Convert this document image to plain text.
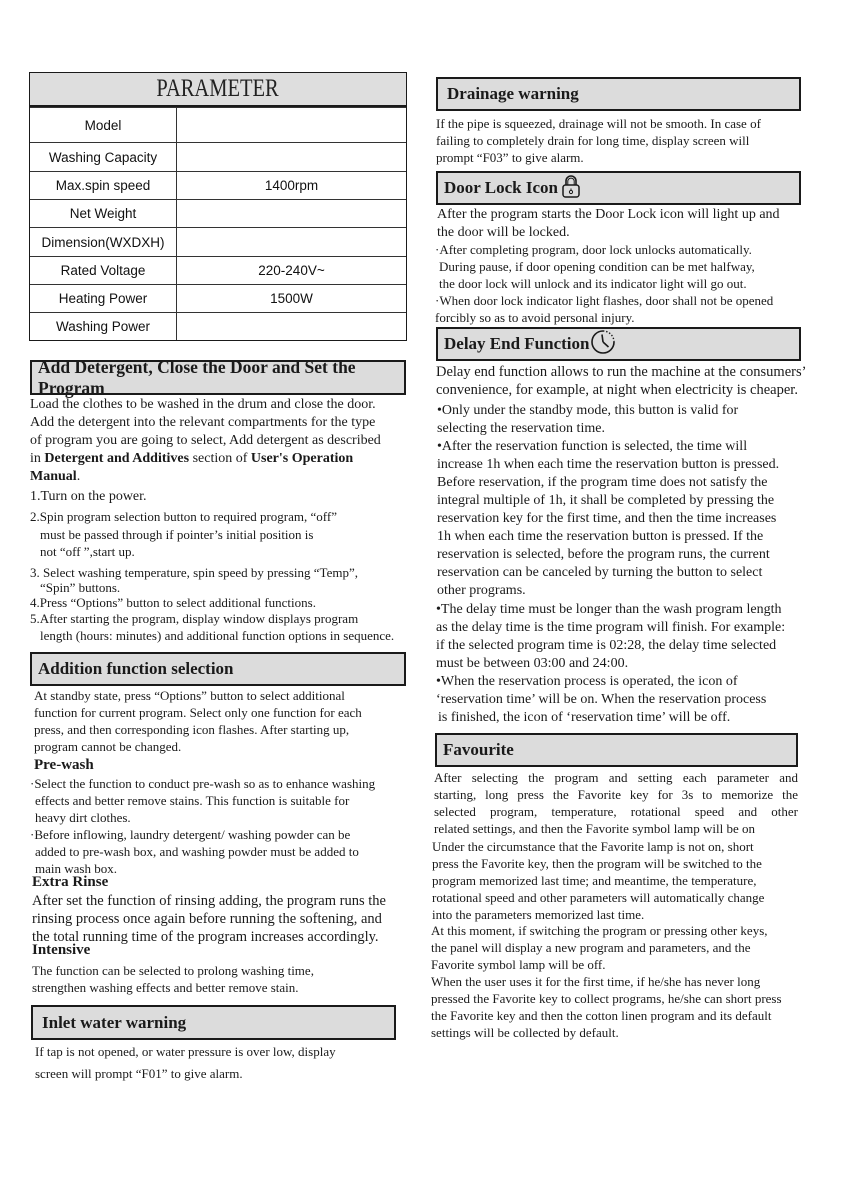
PARAMETER
Model
Washing Capacity
Max.spin speed	1400rpm
Net Weight
Dimension(WXDXH)
Rated Voltage	220-240V~
Heating Power	1500W
Washing Power
Add Detergent, Close the Door and Set the Program
Load the clothes to be washed in the drum and close the door.
Add the detergent into the relevant compartments for the type
of program you are going to select, Add detergent as described
in Detergent and Additives section of User's Operation
Manual.
1.Turn on the power.
2.Spin program selection button to required program, “off”
must be passed through if pointer’s initial position is
not “off ”,start up.
3. Select washing temperature, spin speed by pressing “Temp”,
“Spin” buttons.
4.Press “Options” button to select additional functions.
5.After starting the program, display window displays program
length (hours: minutes) and additional function options in sequence.
Addition function selection
At standby state, press “Options” button to select additional
function for current program. Select only one function for each
press, and then corresponding icon flashes. After starting up,
program cannot be changed.
Pre-wash
·Select the function to conduct pre-wash so as to enhance washing
effects and better remove stains. This function is suitable for
heavy dirt clothes.
·Before inflowing, laundry detergent/ washing powder can be
added to pre-wash box, and washing powder must be added to
main wash box.
Extra Rinse
After set the function of rinsing adding, the program runs the
rinsing process once again before running the softening, and
the total running time of the program increases accordingly.
Intensive
The function can be selected to prolong washing time,
strengthen washing effects and better remove stain.
Inlet water warning
If tap is not opened, or water pressure is over low, display
screen will prompt “F01” to give alarm.
Drainage warning
If the pipe is squeezed, drainage will not be smooth. In case of
failing to completely drain for long time, display screen will
prompt “F03” to give alarm.
Door Lock Icon
After the program starts the Door Lock icon will light up and
the door will be locked.
·After completing program, door lock unlocks automatically.
During pause, if door opening condition can be met halfway,
the door lock will unlock and its indicator light will go out.
·When door lock indicator light flashes, door shall not be opened
forcibly so as to avoid personal injury.
Delay End Function
Delay end function allows to run the machine at the consumers’
convenience, for example, at night when electricity is cheaper.
•Only under the standby mode, this button is valid for
selecting the reservation time.
•After the reservation function is selected, the time will
increase 1h when each time the reservation button is pressed.
Before reservation, if the program time does not satisfy the
integral multiple of 1h, it shall be completed by pressing the
reservation key for the first time, and then the time increases
1h when each time the reservation button is pressed. If the
reservation is selected, before the program runs, the current
reservation can be canceled by turning the button to select
other programs.
•The delay time must be longer than the wash program length
as the delay time is the time program will finish. For example:
if the selected program time is 02:28, the delay time selected
must be between 03:00 and 24:00.
•When the reservation process is operated, the icon of
‘reservation time’ will be on. When the reservation process
is finished, the icon of ‘reservation time’ will be off.
Favourite
After selecting the program and setting each parameter and
starting, long press the Favorite key for 3s to memorize the
selected program, temperature, rotational speed and other
related settings, and then the Favorite symbol lamp will be on
Under the circumstance that the Favorite lamp is not on, short
press the Favorite key, then the program will be switched to the
program memorized last time; and meantime, the temperature,
rotational speed and other parameters will automatically change
into the parameters memorized last time.
At this moment, if switching the program or pressing other keys,
the panel will display a new program and parameters, and the
Favorite symbol lamp will be off.
When the user uses it for the first time, if he/she has never long
pressed the Favorite key to collect programs, he/she can short press
the Favorite key and then the cotton linen program and its default
settings will be collected by default.
